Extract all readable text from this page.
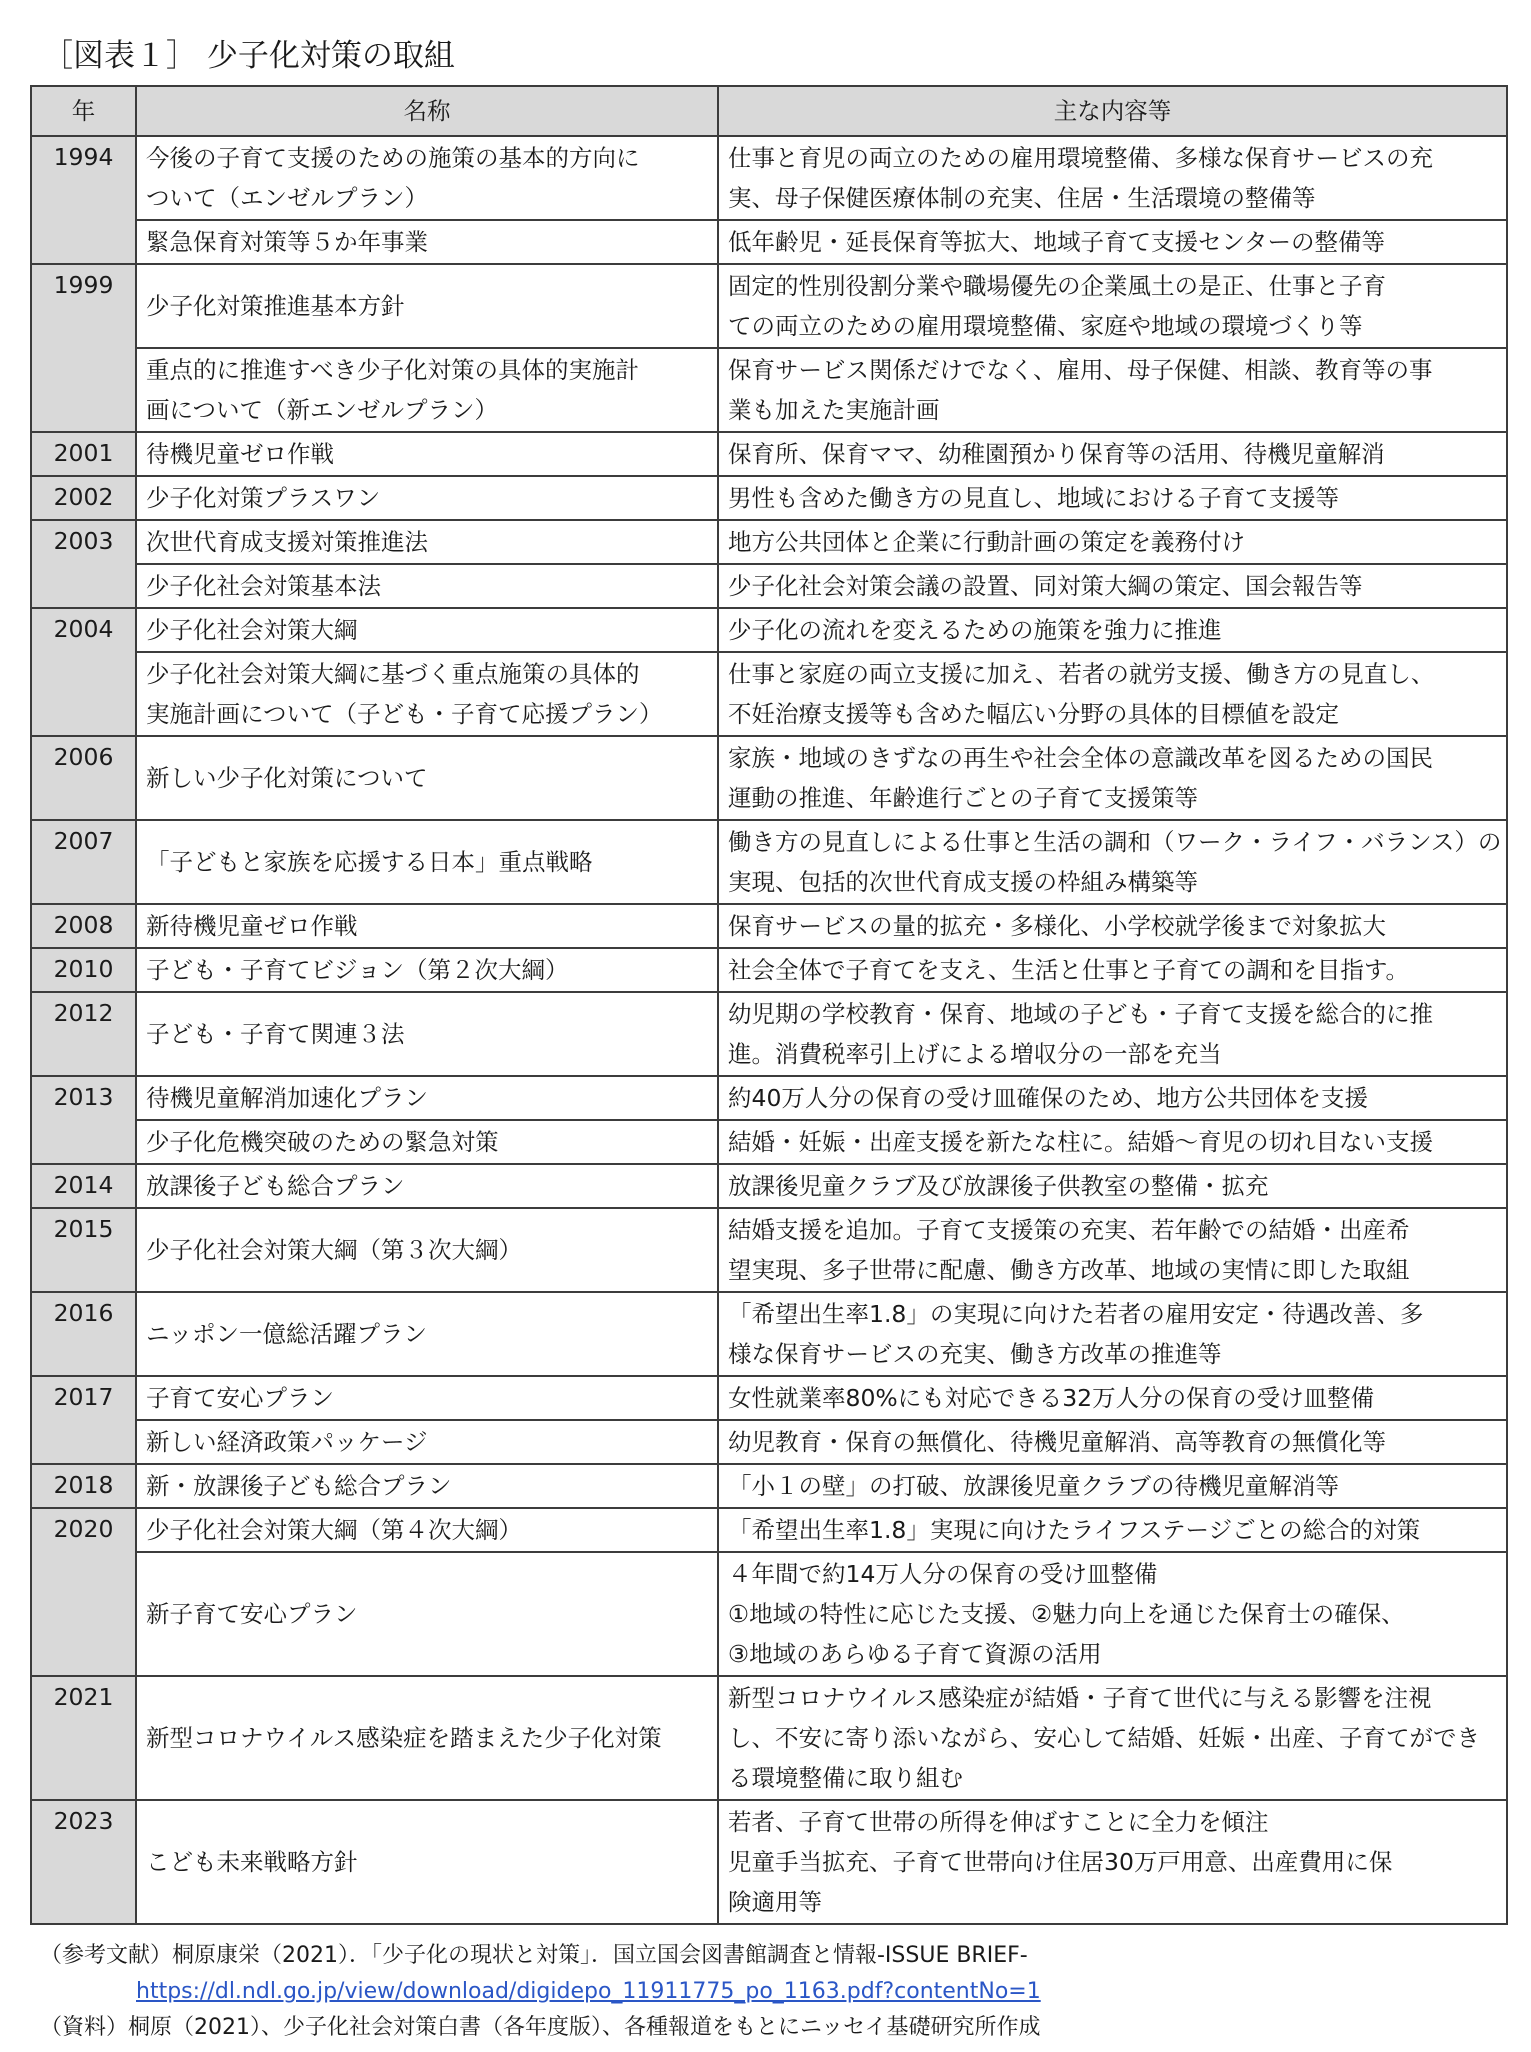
［図表１］ 少子化対策の取組
年	名称	主な内容等
1994	今後の子育て支援のための施策の基本的方向に
ついて（エンゼルプラン）	仕事と育児の両立のための雇用環境整備、多様な保育サービスの充
実、母子保健医療体制の充実、住居・生活環境の整備等

	緊急保育対策等５か年事業	低年齢児・延長保育等拡大、地域子育て支援センターの整備等

1999	少子化対策推進基本方針	固定的性別役割分業や職場優先の企業風土の是正、仕事と子育
ての両立のための雇用環境整備、家庭や地域の環境づくり等

	重点的に推進すべき少子化対策の具体的実施計
画について（新エンゼルプラン）	保育サービス関係だけでなく、雇用、母子保健、相談、教育等の事
業も加えた実施計画

2001	待機児童ゼロ作戦	保育所、保育ママ、幼稚園預かり保育等の活用、待機児童解消

2002	少子化対策プラスワン	男性も含めた働き方の見直し、地域における子育て支援等

2003	次世代育成支援対策推進法	地方公共団体と企業に行動計画の策定を義務付け

	少子化社会対策基本法	少子化社会対策会議の設置、同対策大綱の策定、国会報告等

2004	少子化社会対策大綱	少子化の流れを変えるための施策を強力に推進

	少子化社会対策大綱に基づく重点施策の具体的
実施計画について（子ども・子育て応援プラン）	仕事と家庭の両立支援に加え、若者の就労支援、働き方の見直し、
不妊治療支援等も含めた幅広い分野の具体的目標値を設定

2006	新しい少子化対策について	家族・地域のきずなの再生や社会全体の意識改革を図るための国民
運動の推進、年齢進行ごとの子育て支援策等

2007	「子どもと家族を応援する日本」重点戦略	働き方の見直しによる仕事と生活の調和（ワーク・ライフ・バランス）の
実現、包括的次世代育成支援の枠組み構築等

2008	新待機児童ゼロ作戦	保育サービスの量的拡充・多様化、小学校就学後まで対象拡大

2010	子ども・子育てビジョン（第２次大綱）	社会全体で子育てを支え、生活と仕事と子育ての調和を目指す。

2012	子ども・子育て関連３法	幼児期の学校教育・保育、地域の子ども・子育て支援を総合的に推
進。消費税率引上げによる増収分の一部を充当

2013	待機児童解消加速化プラン	約40万人分の保育の受け皿確保のため、地方公共団体を支援

	少子化危機突破のための緊急対策	結婚・妊娠・出産支援を新たな柱に。結婚～育児の切れ目ない支援

2014	放課後子ども総合プラン	放課後児童クラブ及び放課後子供教室の整備・拡充

2015	少子化社会対策大綱（第３次大綱）	結婚支援を追加。子育て支援策の充実、若年齢での結婚・出産希
望実現、多子世帯に配慮、働き方改革、地域の実情に即した取組

2016	ニッポン一億総活躍プラン	「希望出生率1.8」の実現に向けた若者の雇用安定・待遇改善、多
様な保育サービスの充実、働き方改革の推進等

2017	子育て安心プラン	女性就業率80%にも対応できる32万人分の保育の受け皿整備

	新しい経済政策パッケージ	幼児教育・保育の無償化、待機児童解消、高等教育の無償化等

2018	新・放課後子ども総合プラン	「小１の壁」の打破、放課後児童クラブの待機児童解消等

2020	少子化社会対策大綱（第４次大綱）	「希望出生率1.8」実現に向けたライフステージごとの総合的対策

	新子育て安心プラン	４年間で約14万人分の保育の受け皿整備
①地域の特性に応じた支援、②魅力向上を通じた保育士の確保、
③地域のあらゆる子育て資源の活用

2021	新型コロナウイルス感染症を踏まえた少子化対策	新型コロナウイルス感染症が結婚・子育て世代に与える影響を注視
し、不安に寄り添いながら、安心して結婚、妊娠・出産、子育てができ
る環境整備に取り組む

2023	こども未来戦略方針	若者、子育て世帯の所得を伸ばすことに全力を傾注
児童手当拡充、子育て世帯向け住居30万戸用意、出産費用に保
険適用等
（参考文献）桐原康栄（2021）．「少子化の現状と対策」．国立国会図書館調査と情報-ISSUE BRIEF-
https://dl.ndl.go.jp/view/download/digidepo_11911775_po_1163.pdf?contentNo=1
（資料）桐原（2021）、少子化社会対策白書（各年度版）、各種報道をもとにニッセイ基礎研究所作成
